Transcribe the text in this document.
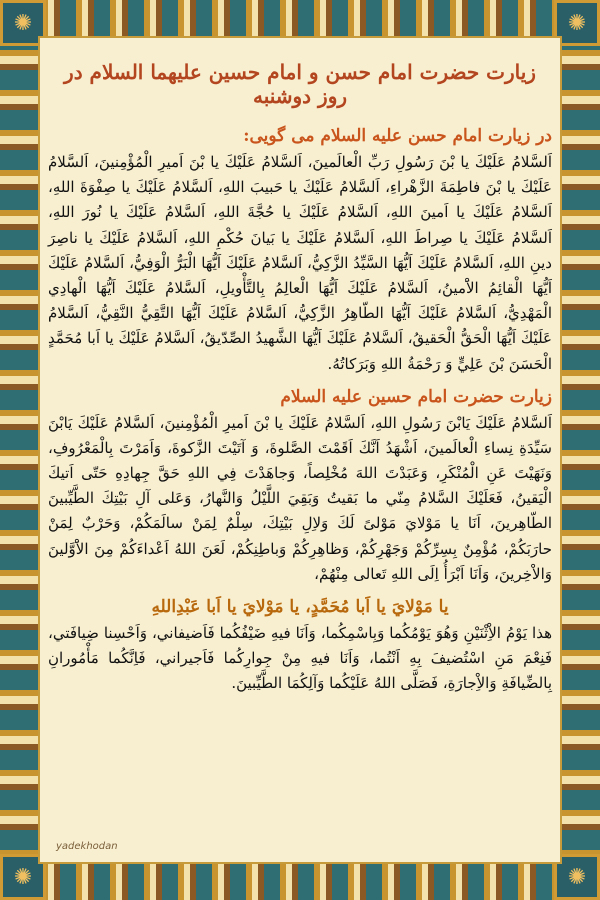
✺	✺
✺	✺
زیارت حضرت امام حسن و امام حسین علیهما السلام در روز دوشنبه
در زیارت امام حسن علیه السلام می گویی:

اَلسَّلامُ عَلَيْكَ يا بْنَ رَسُولِ رَبِّ الْعالَمينَ، اَلسَّلامُ عَلَيْكَ يا بْنَ اَميرِ الْمُؤْمِنينَ، اَلسَّلامُ عَلَيْكَ يا بْنَ فاطِمَةَ الزَّهْراءِ، اَلسَّلامُ عَلَيْكَ يا حَبيبَ اللهِ، اَلسَّلامُ عَلَيْكَ يا صِفْوَةَ اللهِ، اَلسَّلامُ عَلَيْكَ يا اَمينَ اللهِ، اَلسَّلامُ عَلَيْكَ يا حُجَّةَ اللهِ، اَلسَّلامُ عَلَيْكَ يا نُورَ اللهِ، اَلسَّلامُ عَلَيْكَ يا صِراطَ اللهِ، اَلسَّلامُ عَلَيْكَ يا بَيانَ حُكْمِ اللهِ، اَلسَّلامُ عَلَيْكَ يا ناصِرَ دينِ اللهِ، اَلسَّلامُ عَلَيْكَ اَيُّهَا السَّيِّدُ الزَّكِيُّ، اَلسَّلامُ عَلَيْكَ اَيُّهَا الْبَرُّ الْوَفِيُّ، اَلسَّلامُ عَلَيْكَ اَيُّهَا الْقائِمُ الاَْمينُ، اَلسَّلامُ عَلَيْكَ اَيُّهَا الْعالِمُ بِالتَّأْويلِ، اَلسَّلامُ عَلَيْكَ اَيُّهَا الْهادِي الْمَهْدِيُّ، اَلسَّلامُ عَلَيْكَ اَيُّهَا الطّاهِرُ الزَّكِيُّ، اَلسَّلامُ عَلَيْكَ اَيُّهَا التَّقِيُّ النَّقِيُّ، اَلسَّلامُ عَلَيْكَ اَيُّهَا الْحَقُّ الْحَقيقُ، اَلسَّلامُ عَلَيْكَ اَيُّهَا الشَّهيدُ الصِّدّيقُ، اَلسَّلامُ عَلَيْكَ يا اَبا مُحَمَّدٍ الْحَسَنَ بْنَ عَلِيٍّ وَ رَحْمَةُ اللهِ وَبَرَكاتُهُ.

زیارت حضرت امام حسین علیه السلام

اَلسَّلامُ عَلَيْكَ يَابْنَ رَسُولِ اللهِ، اَلسَّلامُ عَلَيْكَ يا بْنَ اَميرِ الْمُؤْمِنينَ، اَلسَّلامُ عَلَيْكَ يَابْنَ سَيِّدَةِ نِساءِ الْعالَمينَ، اَشْهَدُ اَنَّكَ اَقَمْتَ الصَّلوةَ، وَ آتَيْتَ الزَّكوةَ، وَاَمَرْتَ بِالْمَعْرُوفِ، وَنَهَيْتَ عَنِ الْمُنْكَرِ، وَعَبَدْتَ اللهَ مُخْلِصاً، وَجاهَدْتَ فِي اللهِ حَقَّ جِهادِهِ حَتّى اَتيكَ الْيَقينُ، فَعَلَيْكَ السَّلامُ مِنّي ما بَقيتُ وَبَقِيَ اللَّيْلُ وَالنَّهارُ، وَعَلى آلِ بَيْتِكَ الطَّيِّبينَ الطّاهِرينَ، اَنَا يا مَوْلايَ مَوْلىً لَكَ وَلاِلِ بَيْتِكَ، سِلْمٌ لِمَنْ سالَمَكُمْ، وَحَرْبٌ لِمَنْ حارَبَكُمْ، مُؤْمِنٌ بِسِرِّكُمْ وَجَهْرِكُمْ، وَظاهِرِكُمْ وَباطِنِكُمْ، لَعَنَ اللهُ اَعْداءَكُمْ مِنَ الاَْوَّلينَ وَالاْخِرينَ، وَاَنَا اَبْرَأُ اِلَى اللهِ تَعالى مِنْهُمْ،

يا مَوْلايَ يا اَبا مُحَمَّدٍ، يا مَوْلايَ يا اَبا عَبْدِاللهِ

هذا يَوْمُ الاِْثْنَيْنِ وَهُوَ يَوْمُكُما وَبِاسْمِكُما، وَاَنَا فيهِ ضَيْفُكُما فَاَضيفاني، وَاَحْسِنا ضِيافَتي، فَنِعْمَ مَنِ اسْتُضيفَ بِهِ اَنْتُما، وَاَنَا فيهِ مِنْ جِوارِكُما فَاَجيراني، فَاِنَّكُما مَأْمُورانِ بِالضِّيافَةِ وَالاِْجارَةِ، فَصَلَّى اللهُ عَلَيْكُما وَآلِكُمَا الطَّيِّبينَ.

yadekhodan
